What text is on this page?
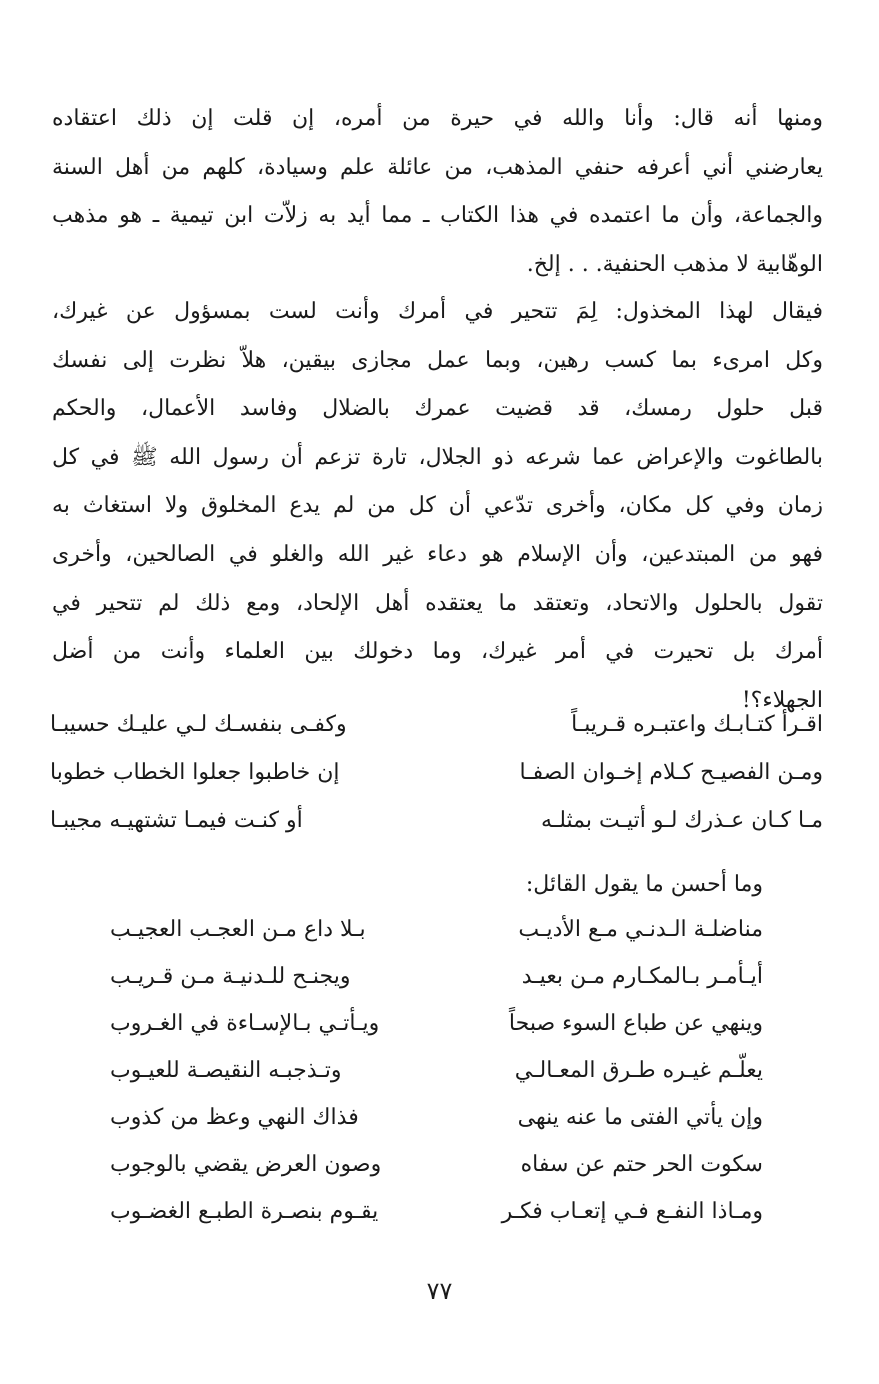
ومنها أنه قال: وأنا والله في حيرة من أمره، إن قلت إن ذلك اعتقاده
يعارضني أني أعرفه حنفي المذهب، من عائلة علم وسيادة، كلهم من أهل السنة
والجماعة، وأن ما اعتمده في هذا الكتاب ـ مما أيد به زلاّت ابن تيمية ـ هو مذهب
الوهّابية لا مذهب الحنفية. . . إلخ.
فيقال لهذا المخذول: لِمَ تتحير في أمرك وأنت لست بمسؤول عن غيرك،
وكل امرىء بما كسب رهين، وبما عمل مجازى بيقين، هلاّ نظرت إلى نفسك
قبل حلول رمسك، قد قضيت عمرك بالضلال وفاسد الأعمال، والحكم
بالطاغوت والإعراض عما شرعه ذو الجلال، تارة تزعم أن رسول الله ﷺ في كل
زمان وفي كل مكان، وأخرى تدّعي أن كل من لم يدع المخلوق ولا استغاث به
فهو من المبتدعين، وأن الإسلام هو دعاء غير الله والغلو في الصالحين، وأخرى
تقول بالحلول والاتحاد، وتعتقد ما يعتقده أهل الإلحاد، ومع ذلك لم تتحير في
أمرك بل تحيرت في أمر غيرك، وما دخولك بين العلماء وأنت من أضل
الجهلاء؟!
اقـرأ كتـابـك واعتبـره قـريبـاً
وكفـى بنفسـك لـي عليـك حسيبـا
ومـن الفصيـح كـلام إخـوان الصفـا
إن خاطبوا جعلوا الخطاب خطوبا
مـا كـان عـذرك لـو أتيـت بمثلـه
أو كنـت فيمـا تشتهيـه مجيبـا
وما أحسن ما يقول القائل:
مناضلـة الـدنـي مـع الأديـب
بـلا داع مـن العجـب العجيـب
أيـأمـر بـالمكـارم مـن بعيـد
ويجنـح للـدنيـة مـن قـريـب
وينهي عن طباع السوء صبحاً
ويـأتـي بـالإسـاءة في الغـروب
يعلّـم غيـره طـرق المعـالـي
وتـذجبـه النقيصـة للعيـوب
وإن يأتي الفتى ما عنه ينهى
فذاك النهي وعظ من كذوب
سكوت الحر حتم عن سفاه
وصون العرض يقضي بالوجوب
ومـاذا النفـع فـي إتعـاب فكـر
يقـوم بنصـرة الطبـع الغضـوب
٧٧
